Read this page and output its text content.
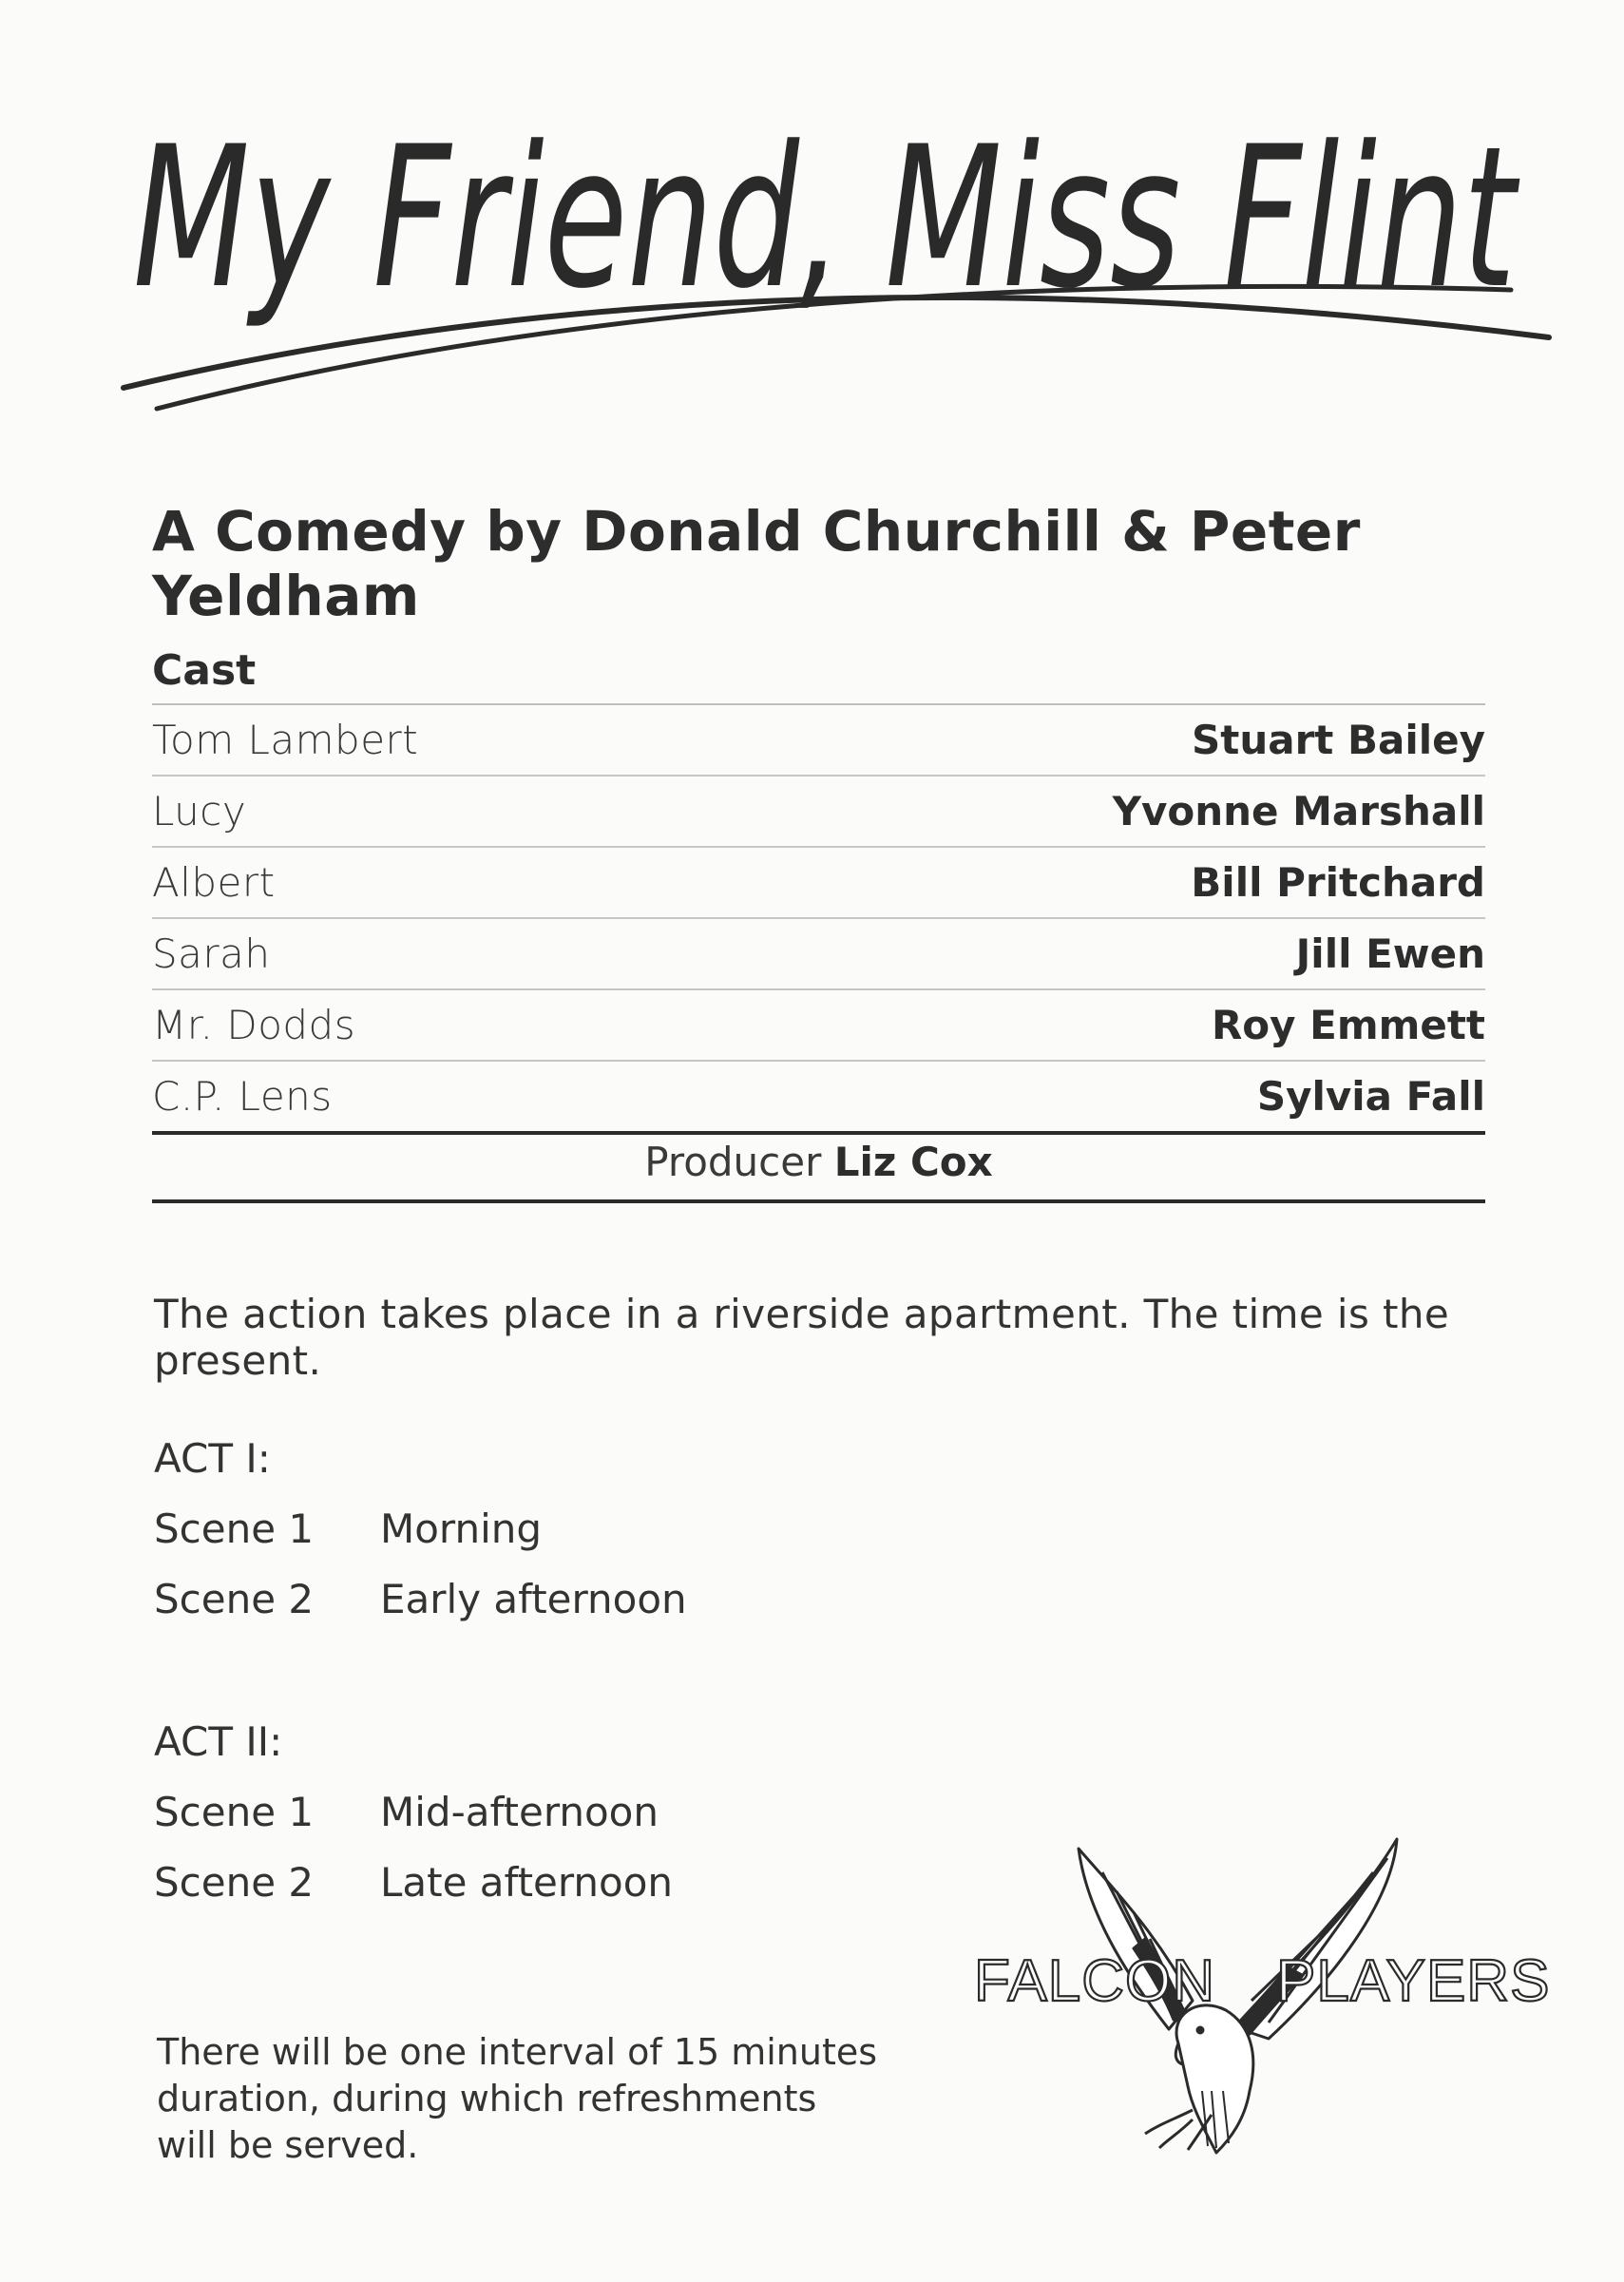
My Friend, Miss Flint
A Comedy by Donald Churchill & Peter Yeldham
Cast
Tom Lambert	Stuart Bailey
Lucy	Yvonne Marshall
Albert	Bill Pritchard
Sarah	Jill Ewen
Mr. Dodds	Roy Emmett
C.P. Lens	Sylvia Fall
Producer Liz Cox
The action takes place in a riverside apartment. The time is the present.
ACT I:
Scene 1	Morning
Scene 2	Early afternoon
ACT II:
Scene 1	Mid-afternoon
Scene 2	Late afternoon
There will be one interval of 15 minutes duration, during which refreshments will be served.
FALCON PLAYERS
